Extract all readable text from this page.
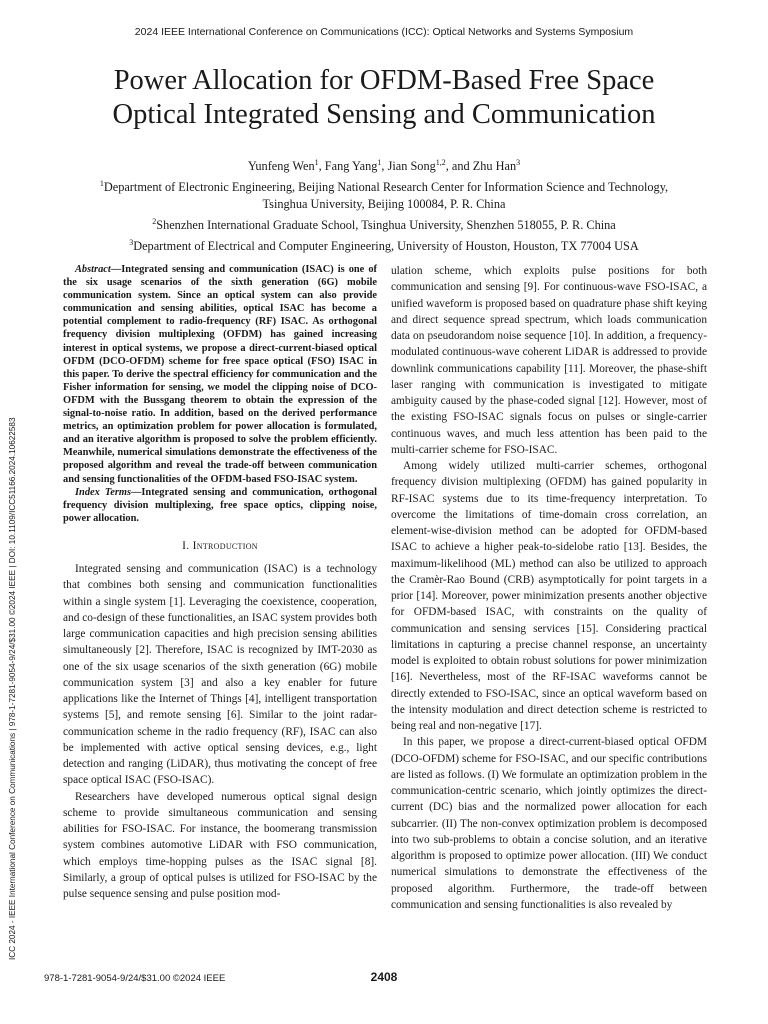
2024 IEEE International Conference on Communications (ICC): Optical Networks and Systems Symposium
Power Allocation for OFDM-Based Free Space
Optical Integrated Sensing and Communication
Yunfeng Wen$^1$, Fang Yang$^1$, Jian Song$^{1,2}$, and Zhu Han$^3$
$^1$Department of Electronic Engineering, Beijing National Research Center for Information Science and Technology,
Tsinghua University, Beijing 100084, P. R. China
$^2$Shenzhen International Graduate School, Tsinghua University, Shenzhen 518055, P. R. China
$^3$Department of Electrical and Computer Engineering, University of Houston, Houston, TX 77004 USA
ICC 2024 - IEEE International Conference on Communications | 978-1-7281-9054-9/24/$31.00 ©2024 IEEE | DOI: 10.1109/ICC51166.2024.10622583

Abstract—Integrated sensing and communication (ISAC) is one of the six usage scenarios of the sixth generation (6G) mobile communication system. Since an optical system can also provide communication and sensing abilities, optical ISAC has become a potential complement to radio-frequency (RF) ISAC. As orthogonal frequency division multiplexing (OFDM) has gained increasing interest in optical systems, we propose a direct-current-biased optical OFDM (DCO-OFDM) scheme for free space optical (FSO) ISAC in this paper. To derive the spectral efficiency for communication and the Fisher information for sensing, we model the clipping noise of DCO-OFDM with the Bussgang theorem to obtain the expression of the signal-to-noise ratio. In addition, based on the derived performance metrics, an optimization problem for power allocation is formulated, and an iterative algorithm is proposed to solve the problem efficiently. Meanwhile, numerical simulations demonstrate the effectiveness of the proposed algorithm and reveal the trade-off between communication and sensing functionalities of the OFDM-based FSO-ISAC system.

Index Terms—Integrated sensing and communication, orthogonal frequency division multiplexing, free space optics, clipping noise, power allocation.

I. Introduction

Integrated sensing and communication (ISAC) is a technology that combines both sensing and communication functionalities within a single system [1]. Leveraging the coexistence, cooperation, and co-design of these functionalities, an ISAC system provides both large communication capacities and high precision sensing abilities simultaneously [2]. Therefore, ISAC is recognized by IMT-2030 as one of the six usage scenarios of the sixth generation (6G) mobile communication system [3] and also a key enabler for future applications like the Internet of Things [4], intelligent transportation systems [5], and remote sensing [6]. Similar to the joint radar-communication scheme in the radio frequency (RF), ISAC can also be implemented with active optical sensing devices, e.g., light detection and ranging (LiDAR), thus motivating the concept of free space optical ISAC (FSO-ISAC).

Researchers have developed numerous optical signal design scheme to provide simultaneous communication and sensing abilities for FSO-ISAC. For instance, the boomerang transmission system combines automotive LiDAR with FSO communication, which employs time-hopping pulses as the ISAC signal [8]. Similarly, a group of optical pulses is utilized for FSO-ISAC by the pulse sequence sensing and pulse position mod-

ulation scheme, which exploits pulse positions for both communication and sensing [9]. For continuous-wave FSO-ISAC, a unified waveform is proposed based on quadrature phase shift keying and direct sequence spread spectrum, which loads communication data on pseudorandom noise sequence [10]. In addition, a frequency-modulated continuous-wave coherent LiDAR is addressed to provide downlink communications capability [11]. Moreover, the phase-shift laser ranging with communication is investigated to mitigate ambiguity caused by the phase-coded signal [12]. However, most of the existing FSO-ISAC signals focus on pulses or single-carrier continuous waves, and much less attention has been paid to the multi-carrier scheme for FSO-ISAC.

Among widely utilized multi-carrier schemes, orthogonal frequency division multiplexing (OFDM) has gained popularity in RF-ISAC systems due to its time-frequency interpretation. To overcome the limitations of time-domain cross correlation, an element-wise-division method can be adopted for OFDM-based ISAC to achieve a higher peak-to-sidelobe ratio [13]. Besides, the maximum-likelihood (ML) method can also be utilized to approach the Cramèr-Rao Bound (CRB) asymptotically for point targets in a prior [14]. Moreover, power minimization presents another objective for OFDM-based ISAC, with constraints on the quality of communication and sensing services [15]. Considering practical limitations in capturing a precise channel response, an uncertainty model is exploited to obtain robust solutions for power minimization [16]. Nevertheless, most of the RF-ISAC waveforms cannot be directly extended to FSO-ISAC, since an optical waveform based on the intensity modulation and direct detection scheme is restricted to being real and non-negative [17].

In this paper, we propose a direct-current-biased optical OFDM (DCO-OFDM) scheme for FSO-ISAC, and our specific contributions are listed as follows. (I) We formulate an optimization problem in the communication-centric scenario, which jointly optimizes the direct-current (DC) bias and the normalized power allocation for each subcarrier. (II) The non-convex optimization problem is decomposed into two sub-problems to obtain a concise solution, and an iterative algorithm is proposed to optimize power allocation. (III) We conduct numerical simulations to demonstrate the effectiveness of the proposed algorithm. Furthermore, the trade-off between communication and sensing functionalities is also revealed by

978-1-7281-9054-9/24/$31.00 ©2024 IEEE	2408
